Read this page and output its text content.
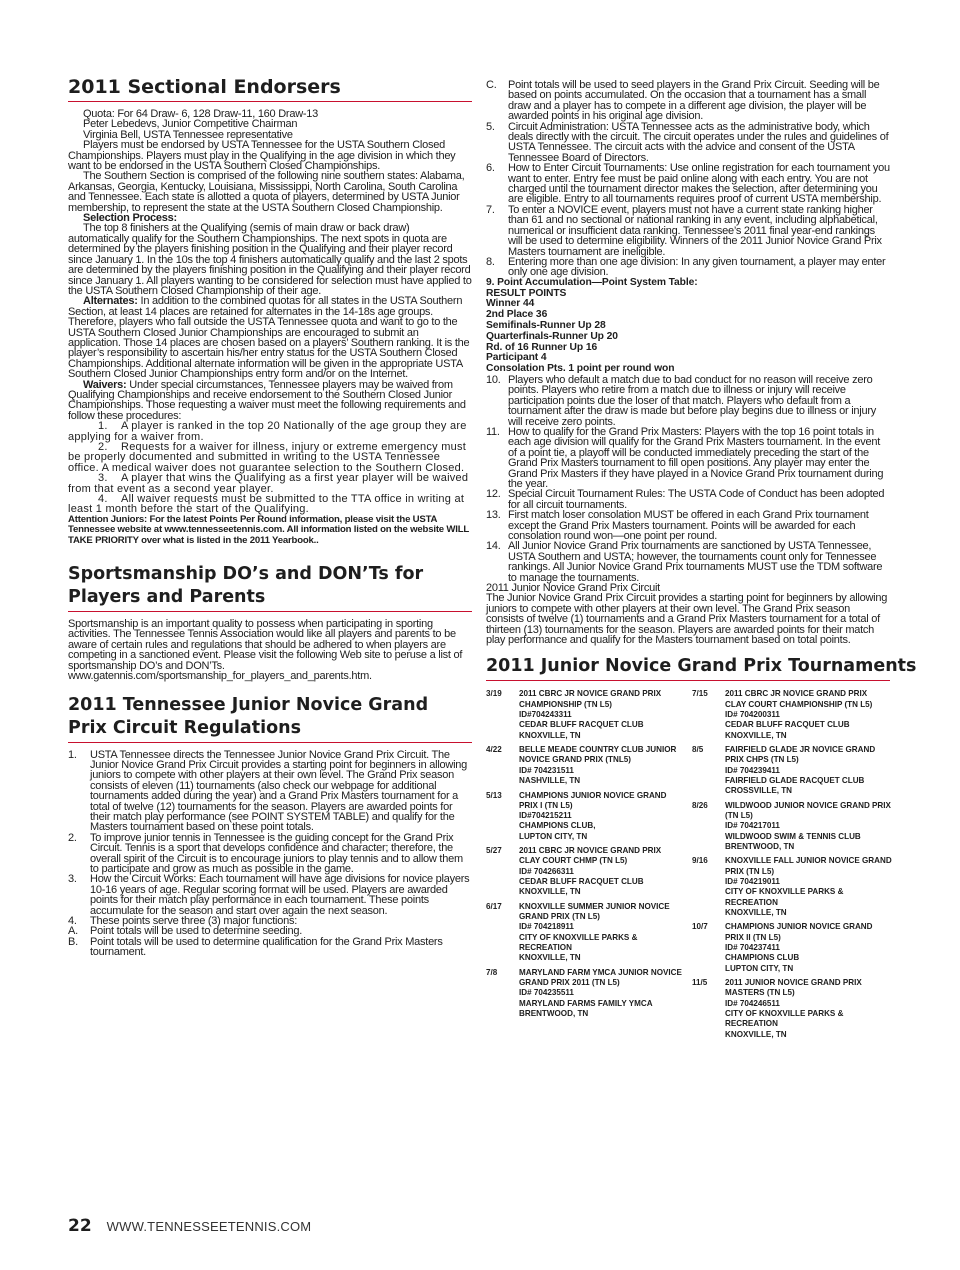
2011 Sectional Endorsers

Quota: For 64 Draw- 6, 128 Draw-11, 160 Draw-13

Peter Lebedevs, Junior Competitive Chairman

Virginia Bell, USTA Tennessee representative

Players must be endorsed by USTA Tennessee for the USTA Southern Closed Championships. Players must play in the Qualifying in the age division in which they want to be endorsed in the USTA Southern Closed Championships.

The Southern Section is comprised of the following nine southern states: Alabama, Arkansas, Georgia, Kentucky, Louisiana, Mississippi, North Carolina, South Carolina and Tennessee. Each state is allotted a quota of players, determined by USTA Junior membership, to represent the state at the USTA Southern Closed Championship.

Selection Process:

The top 8 finishers at the Qualifying (semis of main draw or back draw) automatically qualify for the Southern Championships. The next spots in quota are determined by the players finishing position in the Qualifying and their player record since January 1. In the 10s the top 4 finishers automatically qualify and the last 2 spots are determined by the players finishing position in the Qualifying and their player record since January 1. All players wanting to be considered for selection must have applied to the USTA Southern Closed Championship of their age.

Alternates: In addition to the combined quotas for all states in the USTA Southern Section, at least 14 places are retained for alternates in the 14-18s age groups. Therefore, players who fall outside the USTA Tennessee quota and want to go to the USTA Southern Closed Junior Championships are encouraged to submit an application. Those 14 places are chosen based on a players’ Southern ranking. It is the player’s responsibility to ascertain his/her entry status for the USTA Southern Closed Championships. Additional alternate information will be given in the appropriate USTA Southern Closed Junior Championships entry form and/or on the Internet.

Waivers: Under special circumstances, Tennessee players may be waived from Qualifying Championships and receive endorsement to the Southern Closed Junior Championships. Those requesting a waiver must meet the following requirements and follow these procedures:

1. A player is ranked in the top 20 Nationally of the age group they are applying for a waiver from.

2. Requests for a waiver for illness, injury or extreme emergency must be properly documented and submitted in writing to the USTA Tennessee office. A medical waiver does not guarantee selection to the Southern Closed.

3. A player that wins the Qualifying as a first year player will be waived from that event as a second year player.

4. All waiver requests must be submitted to the TTA office in writing at least 1 month before the start of the Qualifying.

Attention Juniors: For the latest Points Per Round information, please visit the USTA Tennessee website at www.tennesseetennis.com. All information listed on the website WILL TAKE PRIORITY over what is listed in the 2011 Yearbook..

Sportsmanship DO’s and DON’Ts for Players and Parents

Sportsmanship is an important quality to possess when participating in sporting activities. The Tennessee Tennis Association would like all players and parents to be aware of certain rules and regulations that should be adhered to when players are competing in a sanctioned event. Please visit the following Web site to peruse a list of sportsmanship DO’s and DON’Ts.

www.gatennis.com/sportsmanship_for_players_and_parents.htm.

2011 Tennessee Junior Novice Grand Prix Circuit Regulations

1. USTA Tennessee directs the Tennessee Junior Novice Grand Prix Circuit. The Junior Novice Grand Prix Circuit provides a starting point for beginners in allowing juniors to compete with other players at their own level. The Grand Prix season consists of eleven (11) tournaments (also check our webpage for additional tournaments added during the year) and a Grand Prix Masters tournament for a total of twelve (12) tournaments for the season. Players are awarded points for their match play performance (see POINT SYSTEM TABLE) and qualify for the Masters tournament based on these point totals.

2. To improve junior tennis in Tennessee is the guiding concept for the Grand Prix Circuit. Tennis is a sport that develops confidence and character; therefore, the overall spirit of the Circuit is to encourage juniors to play tennis and to allow them to participate and grow as much as possible in the game.

3. How the Circuit Works: Each tournament will have age divisions for novice players 10-16 years of age. Regular scoring format will be used. Players are awarded points for their match play performance in each tournament. These points accumulate for the season and start over again the next season.

4. These points serve three (3) major functions:

A. Point totals will be used to determine seeding.

B. Point totals will be used to determine qualification for the Grand Prix Masters tournament.

C. Point totals will be used to seed players in the Grand Prix Circuit. Seeding will be based on points accumulated. On the occasion that a tournament has a small draw and a player has to compete in a different age division, the player will be awarded points in his original age division.

5. Circuit Administration: USTA Tennessee acts as the administrative body, which deals directly with the circuit. The circuit operates under the rules and guidelines of USTA Tennessee. The circuit acts with the advice and consent of the USTA Tennessee Board of Directors.

6. How to Enter Circuit Tournaments: Use online registration for each tournament you want to enter. Entry fee must be paid online along with each entry. You are not charged until the tournament director makes the selection, after determining you are eligible. Entry to all tournaments requires proof of current USTA membership.

7. To enter a NOVICE event, players must not have a current state ranking higher than 61 and no sectional or national ranking in any event, including alphabetical, numerical or insufficient data ranking. Tennessee’s 2011 final year-end rankings will be used to determine eligibility. Winners of the 2011 Junior Novice Grand Prix Masters tournament are ineligible.

8. Entering more than one age division: In any given tournament, a player may enter only one age division.

9. Point Accumulation—Point System Table:

RESULT POINTS

Winner 44

2nd Place 36

Semifinals-Runner Up 28

Quarterfinals-Runner Up 20

Rd. of 16 Runner Up 16

Participant 4

Consolation Pts. 1 point per round won

10. Players who default a match due to bad conduct for no reason will receive zero points. Players who retire from a match due to illness or injury will receive participation points due the loser of that match. Players who default from a tournament after the draw is made but before play begins due to illness or injury will receive zero points.

11. How to qualify for the Grand Prix Masters: Players with the top 16 point totals in each age division will qualify for the Grand Prix Masters tournament. In the event of a point tie, a playoff will be conducted immediately preceding the start of the Grand Prix Masters tournament to fill open positions. Any player may enter the Grand Prix Masters if they have played in a Novice Grand Prix tournament during the year.

12. Special Circuit Tournament Rules: The USTA Code of Conduct has been adopted for all circuit tournaments.

13. First match loser consolation MUST be offered in each Grand Prix tournament except the Grand Prix Masters tournament. Points will be awarded for each consolation round won—one point per round.

14. All Junior Novice Grand Prix tournaments are sanctioned by USTA Tennessee, USTA Southern and USTA; however, the tournaments count only for Tennessee rankings. All Junior Novice Grand Prix tournaments MUST use the TDM software to manage the tournaments.

2011 Junior Novice Grand Prix Circuit

The Junior Novice Grand Prix Circuit provides a starting point for beginners by allowing juniors to compete with other players at their own level. The Grand Prix season consists of twelve (1) tournaments and a Grand Prix Masters tournament for a total of thirteen (13) tournaments for the season. Players are awarded points for their match play performance and qualify for the Masters tournament based on total points.

2011 Junior Novice Grand Prix Tournaments
3/19	2011 CBRC JR NOVICE GRAND PRIX
CHAMPIONSHIP (TN L5)
ID#704243311
CEDAR BLUFF RACQUET CLUB
KNOXVILLE, TN
4/22	BELLE MEADE COUNTRY CLUB JUNIOR
NOVICE GRAND PRIX (TNL5)
ID# 704231511
NASHVILLE, TN
5/13	CHAMPIONS JUNIOR NOVICE GRAND
PRIX I (TN L5)
ID#704215211
CHAMPIONS CLUB,
LUPTON CITY, TN
5/27	2011 CBRC JR NOVICE GRAND PRIX
CLAY COURT CHMP (TN L5)
ID# 704266311
CEDAR BLUFF RACQUET CLUB
KNOXVILLE, TN
6/17	KNOXVILLE SUMMER JUNIOR NOVICE
GRAND PRIX (TN L5)
ID# 704218911
CITY OF KNOXVILLE PARKS &
RECREATION
KNOXVILLE, TN
7/8	MARYLAND FARM YMCA JUNIOR NOVICE
GRAND PRIX 2011 (TN L5)
ID# 704235511
MARYLAND FARMS FAMILY YMCA
BRENTWOOD, TN
7/15	2011 CBRC JR NOVICE GRAND PRIX
CLAY COURT CHAMPIONSHIP (TN L5)
ID# 704200311
CEDAR BLUFF RACQUET CLUB
KNOXVILLE, TN
8/5	FAIRFIELD GLADE JR NOVICE GRAND
PRIX CHPS (TN L5)
ID# 704239411
FAIRFIELD GLADE RACQUET CLUB
CROSSVILLE, TN
8/26	WILDWOOD JUNIOR NOVICE GRAND PRIX
(TN L5)
ID# 704217011
WILDWOOD SWIM & TENNIS CLUB
BRENTWOOD, TN
9/16	KNOXVILLE FALL JUNIOR NOVICE GRAND
PRIX (TN L5)
ID# 704219011
CITY OF KNOXVILLE PARKS &
RECREATION
KNOXVILLE, TN
10/7	CHAMPIONS JUNIOR NOVICE GRAND
PRIX II (TN L5)
ID# 704237411
CHAMPIONS CLUB
LUPTON CITY, TN
11/5	2011 JUNIOR NOVICE GRAND PRIX
MASTERS (TN L5)
ID# 704246511
CITY OF KNOXVILLE PARKS &
RECREATION
KNOXVILLE, TN
22 WWW.TENNESSEETENNIS.COM
